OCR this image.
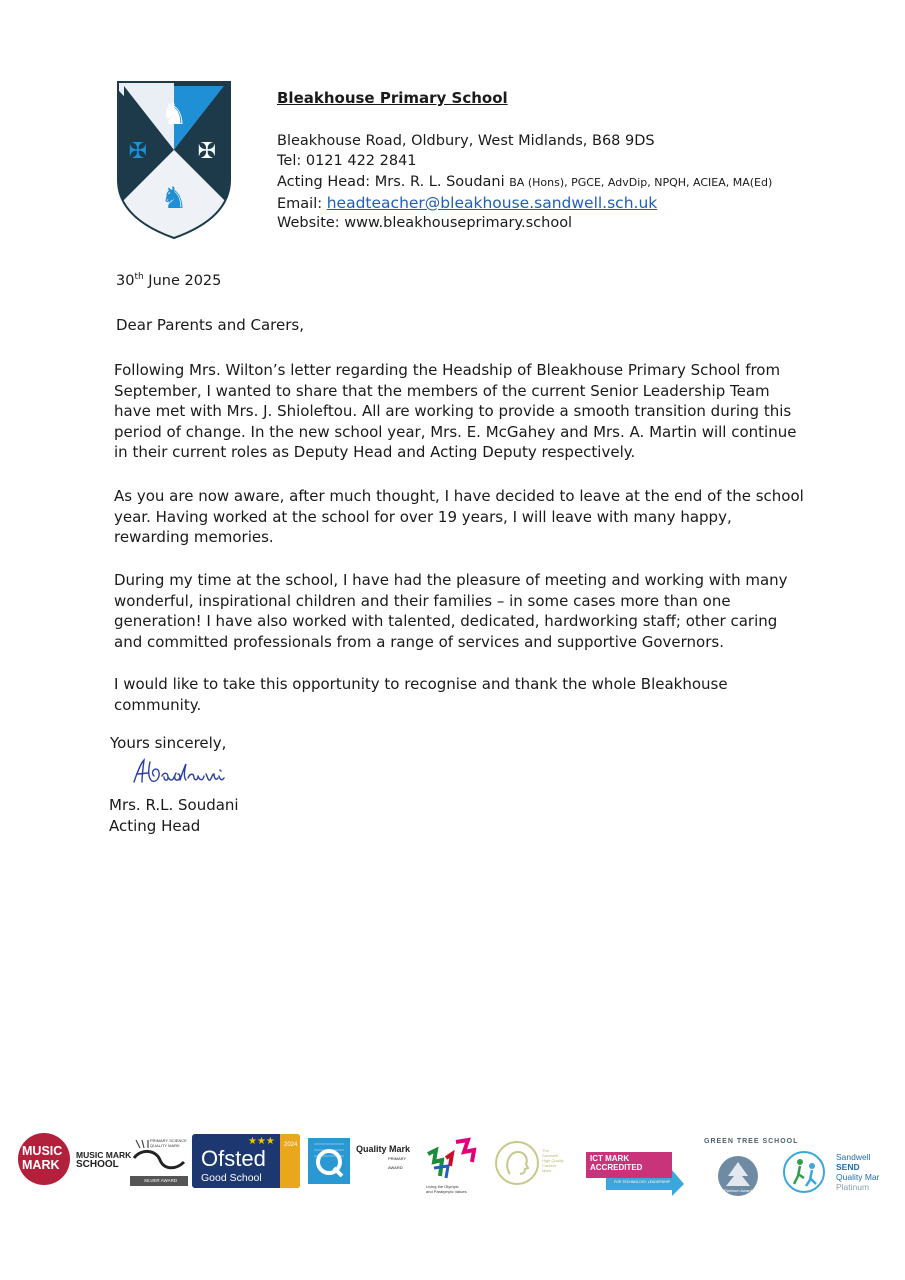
♞
♞
✠ ✠
Bleakhouse Primary School
Bleakhouse Road, Oldbury, West Midlands, B68 9DS
Tel: 0121 422 2841
Acting Head: Mrs. R. L. Soudani BA (Hons), PGCE, AdvDip, NPQH, ACIEA, MA(Ed)
Email: headteacher@bleakhouse.sandwell.sch.uk
Website: www.bleakhouseprimary.school
30th June 2025
Dear Parents and Carers,
Following Mrs. Wilton’s letter regarding the Headship of Bleakhouse Primary School from
September, I wanted to share that the members of the current Senior Leadership Team
have met with Mrs. J. Shioleftou. All are working to provide a smooth transition during this
period of change. In the new school year, Mrs. E. McGahey and Mrs. A. Martin will continue
in their current roles as Deputy Head and Acting Deputy respectively.
As you are now aware, after much thought, I have decided to leave at the end of the school
year. Having worked at the school for over 19 years, I will leave with many happy,
rewarding memories.
During my time at the school, I have had the pleasure of meeting and working with many
wonderful, inspirational children and their families – in some cases more than one
generation! I have also worked with talented, dedicated, hardworking staff; other caring
and committed professionals from a range of services and supportive Governors.
I would like to take this opportunity to recognise and thank the whole Bleakhouse
community.
Yours sincerely,
Mrs. R.L. Soudani
Acting Head
MUSIC
MARK
MUSIC MARK
SCHOOL
PRIMARY SCIENCE
QUALITY MARK
SILVER AWARD
2024
★★★
Ofsted
Good School
Quality Mark
PRIMARY
AWARD
Living the Olympic
and Paralympic Values
The
Sandwell
High Quality
Careers
Mark
ICT MARK
ACCREDITED
FOR TECHNOLOGY LEADERSHIP
GREEN TREE SCHOOL
Platinum Award
Sandwell
SEND
Quality Mar
Platinum
